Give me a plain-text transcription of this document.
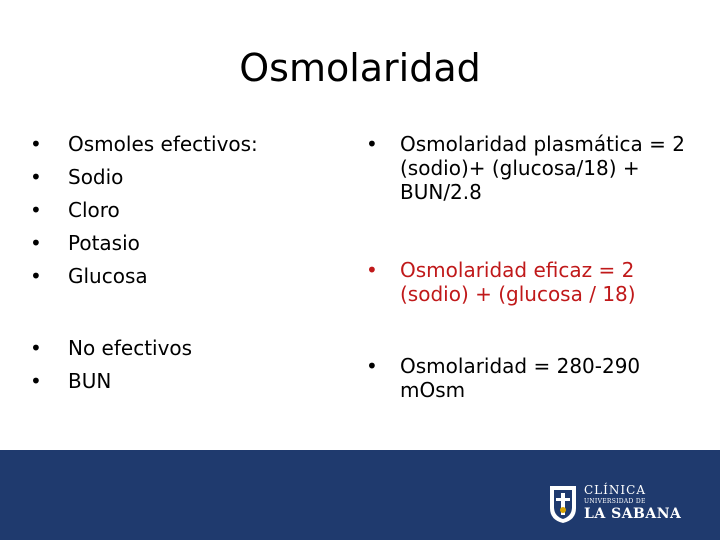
Osmolaridad
• Osmoles efectivos:
• Sodio
• Cloro
• Potasio
• Glucosa
• No efectivos
• BUN
• Osmolaridad plasmática = 2 (sodio)+ (glucosa/18) + BUN/2.8
• Osmolaridad eficaz = 2 (sodio) + (glucosa / 18)
• Osmolaridad = 280-290 mOsm
CLÍNICA
UNIVERSIDAD DE
LA SABANA
